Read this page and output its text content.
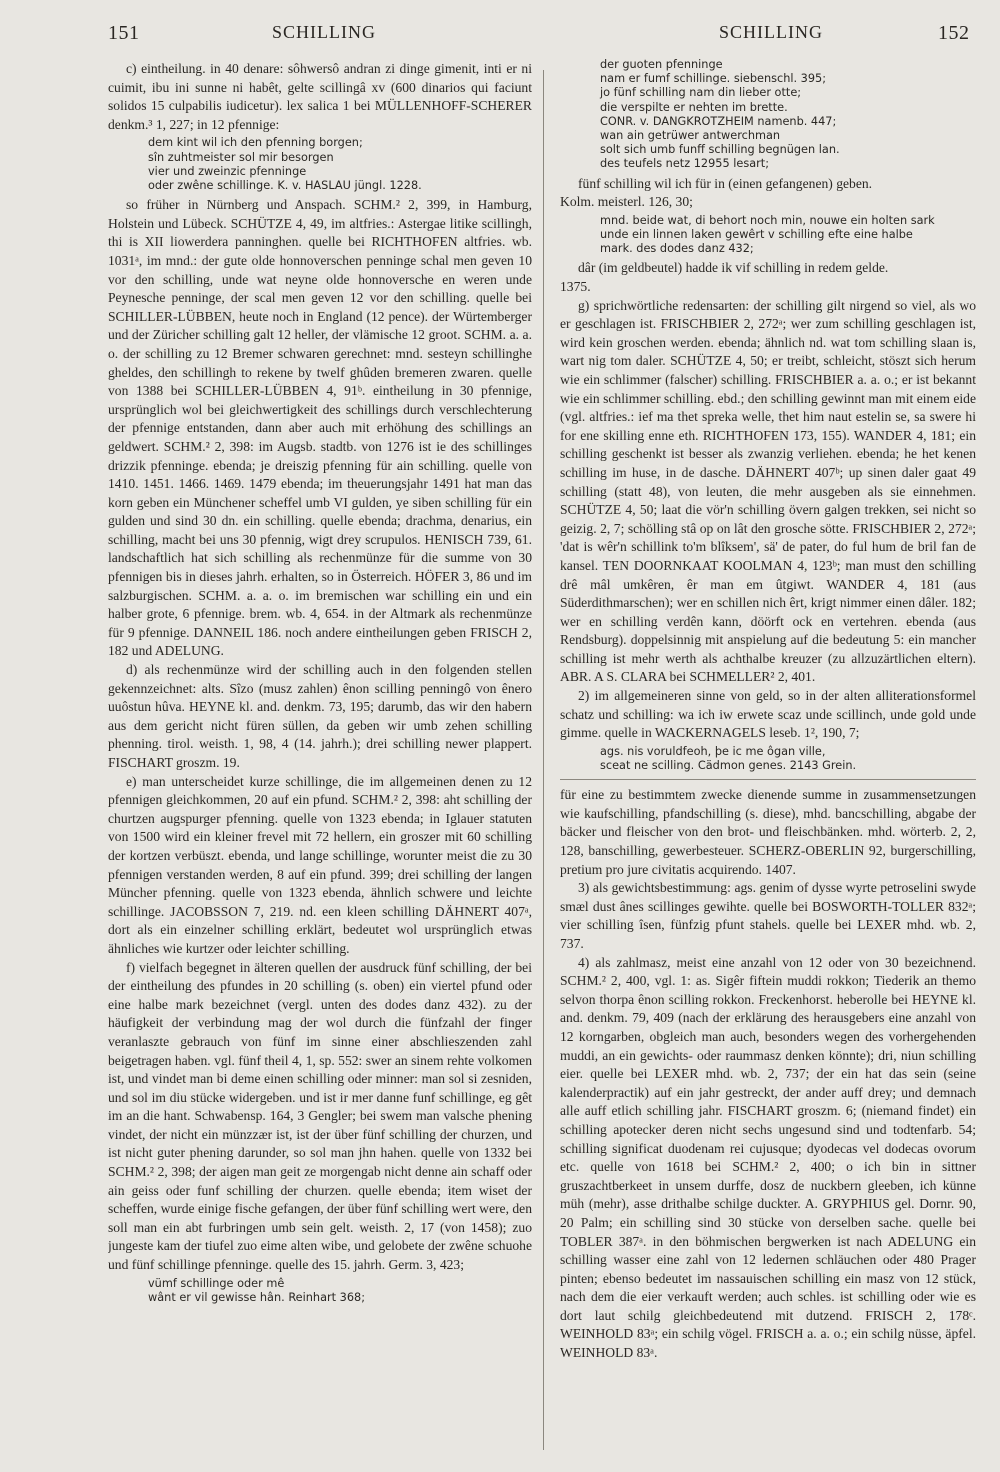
151	SCHILLING	SCHILLING	152

c) eintheilung. in 40 denare: sôhwersô andran zi dinge gimenit, inti er ni cuimit, ibu ini sunne ni habêt, gelte scillingâ xv (600 dinarios qui faciunt solidos 15 culpabilis iudicetur). lex salica 1 bei MÜLLENHOFF-SCHERER denkm.³ 1, 227; in 12 pfennige:

dem kint wil ich den pfenning borgen;
sîn zuhtmeister sol mir besorgen
vier und zweinzic pfenninge
oder zwêne schillinge. K. v. HASLAU jüngl. 1228.

so früher in Nürnberg und Anspach. SCHM.² 2, 399, in Hamburg, Holstein und Lübeck. SCHÜTZE 4, 49, im altfries.: Astergae litike scillingh, thi is XII liowerdera panninghen. quelle bei RICHTHOFEN altfries. wb. 1031ᵃ, im mnd.: der gute olde honnoverschen penninge schal men geven 10 vor den schilling, unde wat neyne olde honnoversche en weren unde Peynesche penninge, der scal men geven 12 vor den schilling. quelle bei SCHILLER-LÜBBEN, heute noch in England (12 pence). der Würtemberger und der Züricher schilling galt 12 heller, der vlämische 12 groot. SCHM. a. a. o. der schilling zu 12 Bremer schwaren gerechnet: mnd. sesteyn schillinghe gheldes, den schillingh to rekene by twelf ghûden bremeren zwaren. quelle von 1388 bei SCHILLER-LÜBBEN 4, 91ᵇ. eintheilung in 30 pfennige, ursprünglich wol bei gleichwertigkeit des schillings durch verschlechterung der pfennige entstanden, dann aber auch mit erhöhung des schillings an geldwert. SCHM.² 2, 398: im Augsb. stadtb. von 1276 ist ie des schillinges drizzik pfenninge. ebenda; je dreiszig pfenning für ain schilling. quelle von 1410. 1451. 1466. 1469. 1479 ebenda; im theuerungsjahr 1491 hat man das korn geben ein Münchener scheffel umb VI gulden, ye siben schilling für ein gulden und sind 30 dn. ein schilling. quelle ebenda; drachma, denarius, ein schilling, macht bei uns 30 pfennig, wigt drey scrupulos. HENISCH 739, 61. landschaftlich hat sich schilling als rechenmünze für die summe von 30 pfennigen bis in dieses jahrh. erhalten, so in Österreich. HÖFER 3, 86 und im salzburgischen. SCHM. a. a. o. im bremischen war schilling ein und ein halber grote, 6 pfennige. brem. wb. 4, 654. in der Altmark als rechenmünze für 9 pfennige. DANNEIL 186. noch andere eintheilungen geben FRISCH 2, 182 und ADELUNG.

d) als rechenmünze wird der schilling auch in den folgenden stellen gekennzeichnet: alts. Sîzo (musz zahlen) ênon scilling penningô von ênero uuôstun hûva. HEYNE kl. and. denkm. 73, 195; darumb, das wir den habern aus dem gericht nicht füren süllen, da geben wir umb zehen schilling phenning. tirol. weisth. 1, 98, 4 (14. jahrh.); drei schilling newer plappert. FISCHART groszm. 19.

e) man unterscheidet kurze schillinge, die im allgemeinen denen zu 12 pfennigen gleichkommen, 20 auf ein pfund. SCHM.² 2, 398: aht schilling der churtzen augspurger pfenning. quelle von 1323 ebenda; in Iglauer statuten von 1500 wird ein kleiner frevel mit 72 hellern, ein groszer mit 60 schilling der kortzen verbüszt. ebenda, und lange schillinge, worunter meist die zu 30 pfennigen verstanden werden, 8 auf ein pfund. 399; drei schilling der langen Müncher pfenning. quelle von 1323 ebenda, ähnlich schwere und leichte schillinge. JACOBSSON 7, 219. nd. een kleen schilling DÄHNERT 407ᵃ, dort als ein einzelner schilling erklärt, bedeutet wol ursprünglich etwas ähnliches wie kurtzer oder leichter schilling.

f) vielfach begegnet in älteren quellen der ausdruck fünf schilling, der bei der eintheilung des pfundes in 20 schilling (s. oben) ein viertel pfund oder eine halbe mark bezeichnet (vergl. unten des dodes danz 432). zu der häufigkeit der verbindung mag der wol durch die fünfzahl der finger veranlaszte gebrauch von fünf im sinne einer abschlieszenden zahl beigetragen haben. vgl. fünf theil 4, 1, sp. 552: swer an sinem rehte volkomen ist, und vindet man bi deme einen schilling oder minner: man sol si zesniden, und sol im diu stücke widergeben. und ist ir mer danne funf schillinge, eg gêt im an die hant. Schwabensp. 164, 3 Gengler; bei swem man valsche phening vindet, der nicht ein münzzær ist, ist der über fünf schilling der churzen, und ist nicht guter phening darunder, so sol man jhn hahen. quelle von 1332 bei SCHM.² 2, 398; der aigen man geit ze morgengab nicht denne ain schaff oder ain geiss oder funf schilling der churzen. quelle ebenda; item wiset der scheffen, wurde einige fische gefangen, der über fünf schilling wert were, den soll man ein abt furbringen umb sein gelt. weisth. 2, 17 (von 1458); zuo jungeste kam der tiufel zuo eime alten wibe, und gelobete der zwêne schuohe und fünf schillinge pfenninge. quelle des 15. jahrh. Germ. 3, 423;

vümf schillinge oder mê
wânt er vil gewisse hân. Reinhart 368;
der guoten pfenninge
nam er fumf schillinge. siebenschl. 395;
jo fünf schilling nam din lieber otte;
die verspilte er nehten im brette.
CONR. v. DANGKROTZHEIM namenb. 447;
wan ain getrüwer antwerchman
solt sich umb funff schilling begnügen lan.
des teufels netz 12955 lesart;

fünf schilling wil ich für in (einen gefangenen) geben.
Kolm. meisterl. 126, 30;

mnd. beide wat, di behort noch min, nouwe ein holten sark
unde ein linnen laken gewêrt v schilling efte eine halbe
mark. des dodes danz 432;

dâr (im geldbeutel) hadde ik vif schilling in redem gelde.
1375.

g) sprichwörtliche redensarten: der schilling gilt nirgend so viel, als wo er geschlagen ist. FRISCHBIER 2, 272ᵃ; wer zum schilling geschlagen ist, wird kein groschen werden. ebenda; ähnlich nd. wat tom schilling slaan is, wart nig tom daler. SCHÜTZE 4, 50; er treibt, schleicht, stöszt sich herum wie ein schlimmer (falscher) schilling. FRISCHBIER a. a. o.; er ist bekannt wie ein schlimmer schilling. ebd.; den schilling gewinnt man mit einem eide (vgl. altfries.: ief ma thet spreka welle, thet him naut estelin se, sa swere hi for ene skilling enne eth. RICHTHOFEN 173, 155). WANDER 4, 181; ein schilling geschenkt ist besser als zwanzig verliehen. ebenda; he het kenen schilling im huse, in de dasche. DÄHNERT 407ᵇ; up sinen daler gaat 49 schilling (statt 48), von leuten, die mehr ausgeben als sie einnehmen. SCHÜTZE 4, 50; laat die vör'n schilling övern galgen trekken, sei nicht so geizig. 2, 7; schölling stâ op on lât den grosche sötte. FRISCHBIER 2, 272ᵃ; 'dat is wêr'n schillink to'm blîksem', sä' de pater, do ful hum de bril fan de kansel. TEN DOORNKAAT KOOLMAN 4, 123ᵇ; man must den schilling drê mâl umkêren, êr man em ûtgiwt. WANDER 4, 181 (aus Süderdithmarschen); wer en schillen nich êrt, krigt nimmer einen dâler. 182; wer en schilling verdên kann, döörft ock en vertehren. ebenda (aus Rendsburg). doppelsinnig mit anspielung auf die bedeutung 5: ein mancher schilling ist mehr werth als achthalbe kreuzer (zu allzuzärtlichen eltern). ABR. A S. CLARA bei SCHMELLER² 2, 401.

2) im allgemeineren sinne von geld, so in der alten alliterationsformel schatz und schilling: wa ich iw erwete scaz unde scillinch, unde gold unde gimme. quelle in WACKERNAGELS leseb. 1², 190, 7;

ags. nis voruldfeoh, þe ic me ôgan ville,
sceat ne scilling. Cädmon genes. 2143 Grein.

für eine zu bestimmtem zwecke dienende summe in zusammensetzungen wie kaufschilling, pfandschilling (s. diese), mhd. bancschilling, abgabe der bäcker und fleischer von den brot- und fleischbänken. mhd. wörterb. 2, 2, 128, banschilling, gewerbesteuer. SCHERZ-OBERLIN 92, burgerschilling, pretium pro jure civitatis acquirendo. 1407.

3) als gewichtsbestimmung: ags. genim of dysse wyrte petroselini swyde smæl dust ânes scillinges gewihte. quelle bei BOSWORTH-TOLLER 832ᵃ; vier schilling îsen, fünfzig pfunt stahels. quelle bei LEXER mhd. wb. 2, 737.

4) als zahlmasz, meist eine anzahl von 12 oder von 30 bezeichnend. SCHM.² 2, 400, vgl. 1: as. Sigêr fiftein muddi rokkon; Tiederik an themo selvon thorpa ênon scilling rokkon. Freckenhorst. heberolle bei HEYNE kl. and. denkm. 79, 409 (nach der erklärung des herausgebers eine anzahl von 12 korngarben, obgleich man auch, besonders wegen des vorhergehenden muddi, an ein gewichts- oder raummasz denken könnte); dri, niun schilling eier. quelle bei LEXER mhd. wb. 2, 737; der ein hat das sein (seine kalenderpractik) auf ein jahr gestreckt, der ander auff drey; und demnach alle auff etlich schilling jahr. FISCHART groszm. 6; (niemand findet) ein schilling apotecker deren nicht sechs ungesund sind und todtenfarb. 54; schilling significat duodenam rei cujusque; dyodecas vel dodecas ovorum etc. quelle von 1618 bei SCHM.² 2, 400; o ich bin in sittner gruszachtberkeet in unsem durffe, dosz de nuckbern gleeben, ich künne müh (mehr), asse drithalbe schilge duckter. A. GRYPHIUS gel. Dornr. 90, 20 Palm; ein schilling sind 30 stücke von derselben sache. quelle bei TOBLER 387ᵃ. in den böhmischen bergwerken ist nach ADELUNG ein schilling wasser eine zahl von 12 ledernen schläuchen oder 480 Prager pinten; ebenso bedeutet im nassauischen schilling ein masz von 12 stück, nach dem die eier verkauft werden; auch schles. ist schilling oder wie es dort laut schilg gleichbedeutend mit dutzend. FRISCH 2, 178ᶜ. WEINHOLD 83ᵃ; ein schilg vögel. FRISCH a. a. o.; ein schilg nüsse, äpfel. WEINHOLD 83ᵃ.
